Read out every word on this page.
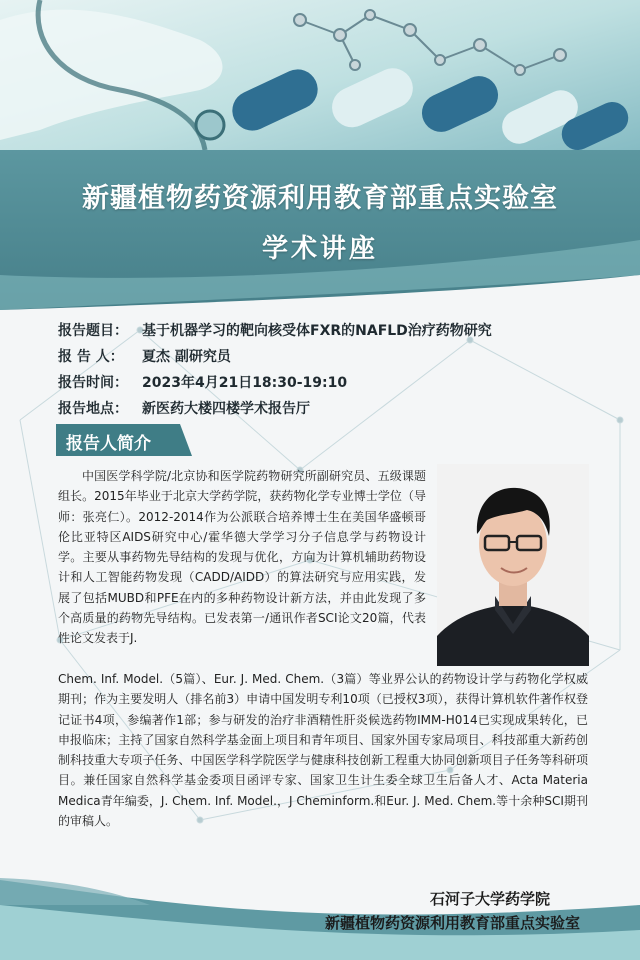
新疆植物药资源利用教育部重点实验室
学术讲座
报告题目： 基于机器学习的靶向核受体FXR的NAFLD治疗药物研究
报 告 人： 夏杰 副研究员
报告时间： 2023年4月21日18:30-19:10
报告地点： 新医药大楼四楼学术报告厅
报告人简介

中国医学科学院/北京协和医学院药物研究所副研究员、五级课题组长。2015年毕业于北京大学药学院，获药物化学专业博士学位（导师：张亮仁）。2012-2014作为公派联合培养博士生在美国华盛顿哥伦比亚特区AIDS研究中心/霍华德大学学习分子信息学与药物设计学。主要从事药物先导结构的发现与优化，方向为计算机辅助药物设计和人工智能药物发现（CADD/AIDD）的算法研究与应用实践，发展了包括MUBD和PFE在内的多种药物设计新方法，并由此发现了多个高质量的药物先导结构。已发表第一/通讯作者SCI论文20篇，代表性论文发表于J.

Chem. Inf. Model.（5篇）、Eur. J. Med. Chem.（3篇）等业界公认的药物设计学与药物化学权威期刊；作为主要发明人（排名前3）申请中国发明专利10项（已授权3项），获得计算机软件著作权登记证书4项，参编著作1部；参与研发的治疗非酒精性肝炎候选药物IMM-H014已实现成果转化，已申报临床；主持了国家自然科学基金面上项目和青年项目、国家外国专家局项目、科技部重大新药创制科技重大专项子任务、中国医学科学院医学与健康科技创新工程重大协同创新项目子任务等科研项目。兼任国家自然科学基金委项目函评专家、国家卫生计生委全球卫生后备人才、Acta Materia Medica青年编委，J. Chem. Inf. Model.，J Cheminform.和Eur. J. Med. Chem.等十余种SCI期刊的审稿人。

石河子大学药学院
新疆植物药资源利用教育部重点实验室
